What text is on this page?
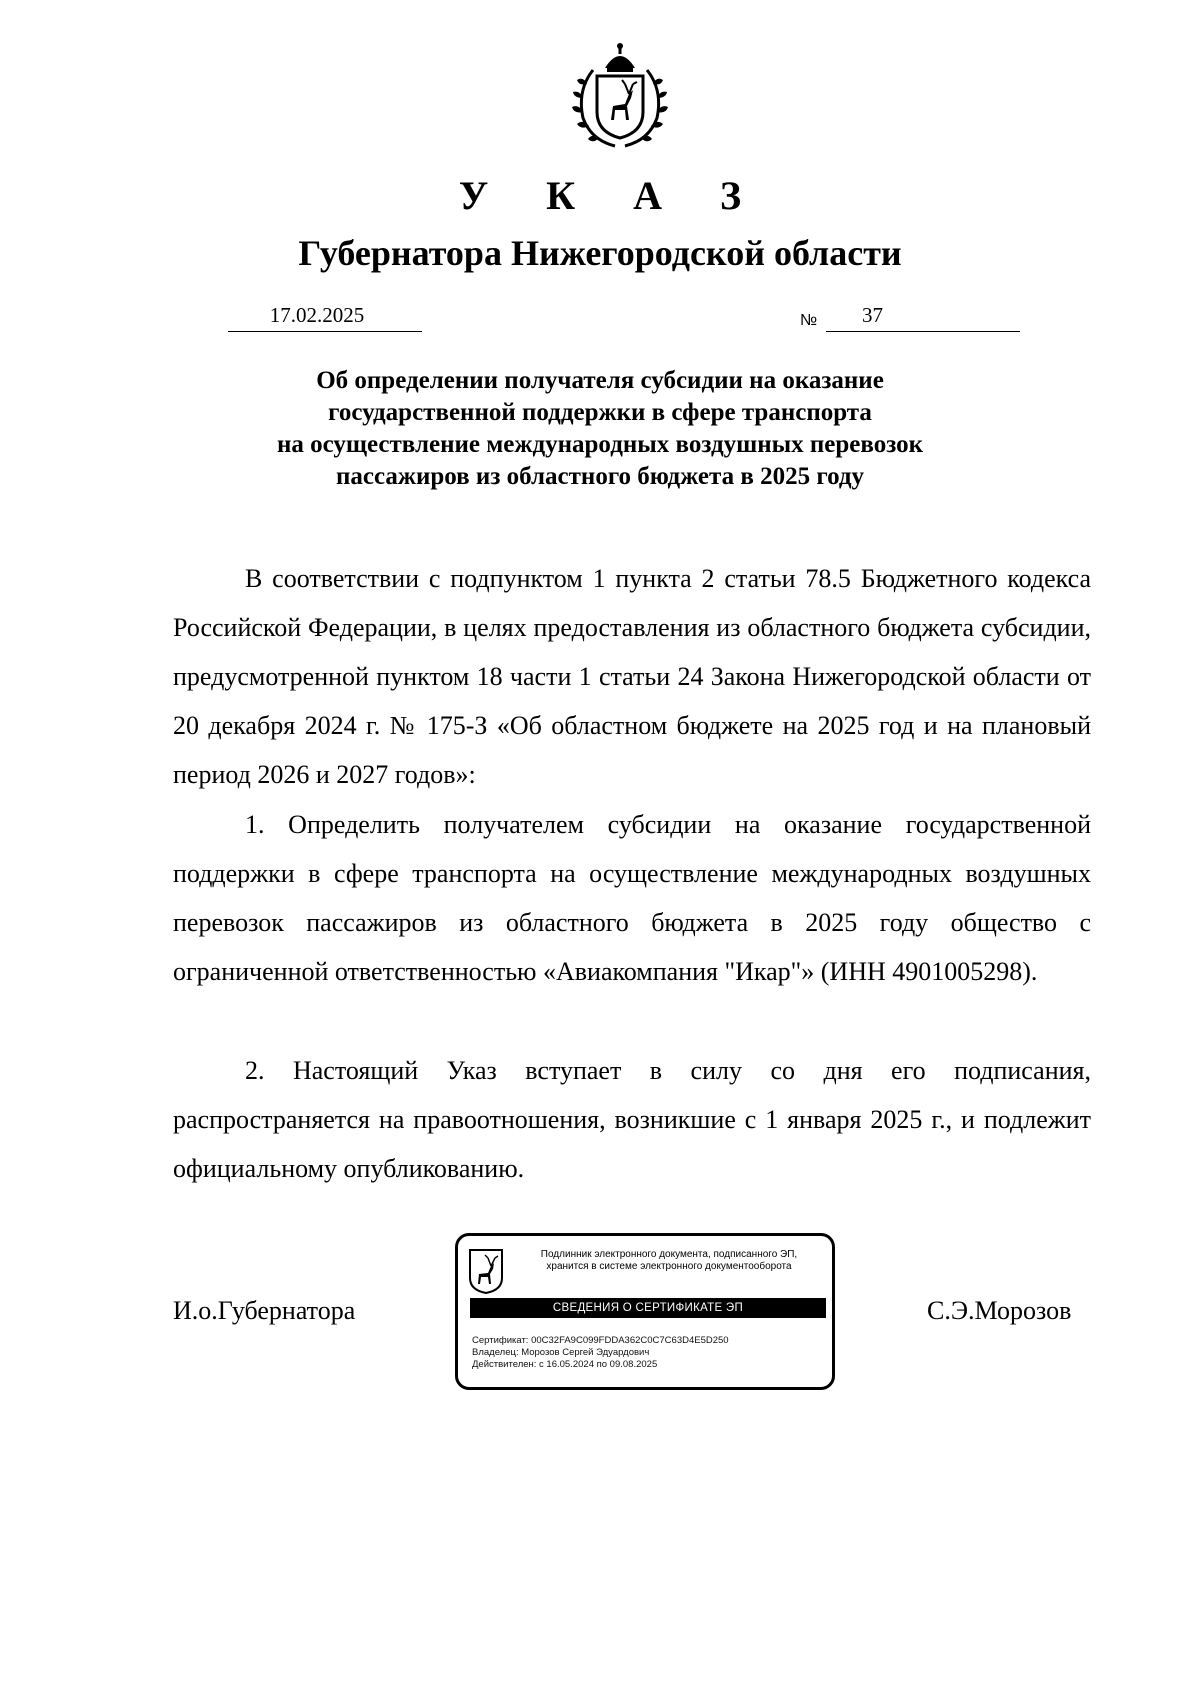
У К А З
Губернатора Нижегородской области
17.02.2025	№	37
Об определении получателя субсидии на оказание
государственной поддержки в сфере транспорта
на осуществление международных воздушных перевозок
пассажиров из областного бюджета в 2025 году

В соответствии с подпунктом 1 пункта 2 статьи 78.5 Бюджетного кодекса Российской Федерации, в целях предоставления из областного бюджета субсидии, предусмотренной пунктом 18 части 1 статьи 24 Закона Нижегородской области от 20 декабря 2024 г. № 175-З «Об областном бюджете на 2025 год и на плановый период 2026 и 2027 годов»:

1. Определить получателем субсидии на оказание государственной поддержки в сфере транспорта на осуществление международных воздушных перевозок пассажиров из областного бюджета в 2025 году общество с ограниченной ответственностью «Авиакомпания "Икар"» (ИНН 4901005298).

2. Настоящий Указ вступает в силу со дня его подписания, распространяется на правоотношения, возникшие с 1 января 2025 г., и подлежит официальному опубликованию.

И.о.Губернатора	С.Э.Морозов
Подлинник электронного документа, подписанного ЭП,
хранится в системе электронного документооборота
СВЕДЕНИЯ О СЕРТИФИКАТЕ ЭП
Сертификат: 00C32FA9C099FDDA362C0C7C63D4E5D250
Владелец: Морозов Сергей Эдуардович
Действителен: с 16.05.2024 по 09.08.2025
